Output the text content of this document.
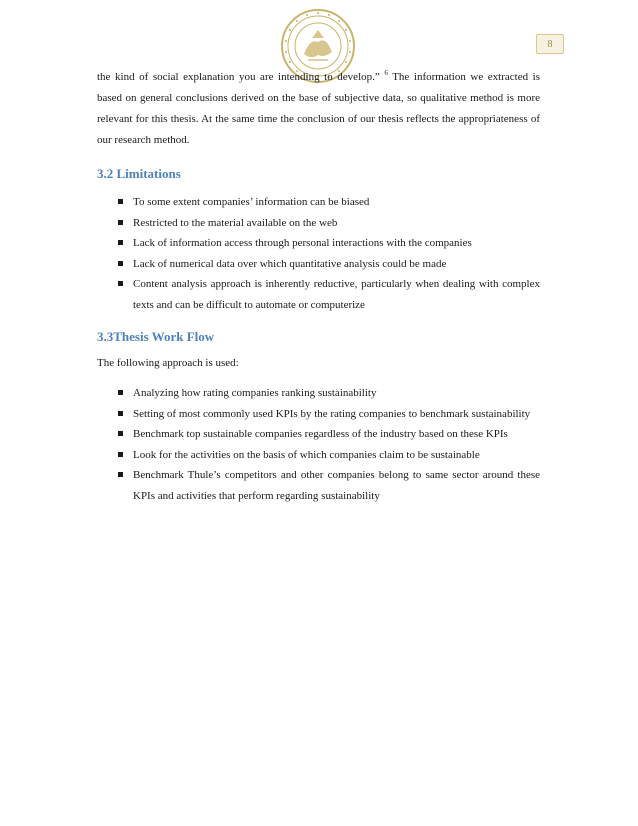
8

the kind of social explanation you are intending to develop.” $^6$ The information we extracted is based on general conclusions derived on the base of subjective data, so qualitative method is more relevant for this thesis. At the same time the conclusion of our thesis reflects the appropriateness of our research method.

3.2 Limitations
To some extent companies’ information can be biased
Restricted to the material available on the web
Lack of information access through personal interactions with the companies
Lack of numerical data over which quantitative analysis could be made
Content analysis approach is inherently reductive, particularly when dealing with complex texts and can be difficult to automate or computerize
3.3Thesis Work Flow

The following approach is used:

Analyzing how rating companies ranking sustainability
Setting of most commonly used KPIs by the rating companies to benchmark sustainability
Benchmark top sustainable companies regardless of the industry based on these KPIs
Look for the activities on the basis of which companies claim to be sustainable
Benchmark Thule’s competitors and other companies belong to same sector around these KPIs and activities that perform regarding sustainability
